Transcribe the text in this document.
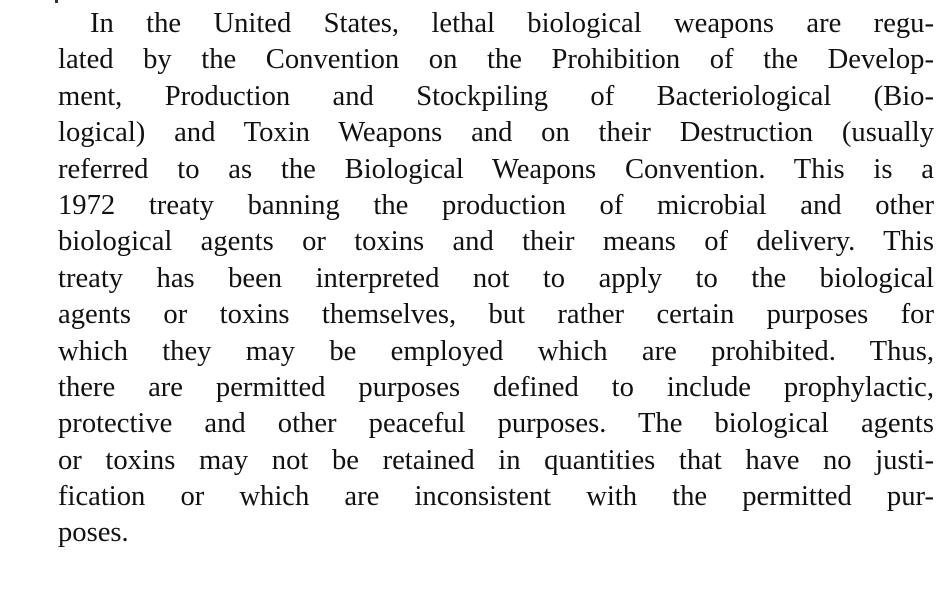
In the United States, lethal biological weapons are regu-
lated by the Convention on the Prohibition of the Develop-
ment, Production and Stockpiling of Bacteriological (Bio-
logical) and Toxin Weapons and on their Destruction (usually
referred to as the Biological Weapons Convention. This is a
1972 treaty banning the production of microbial and other
biological agents or toxins and their means of delivery. This
treaty has been interpreted not to apply to the biological
agents or toxins themselves, but rather certain purposes for
which they may be employed which are prohibited. Thus,
there are permitted purposes defined to include prophylactic,
protective and other peaceful purposes. The biological agents
or toxins may not be retained in quantities that have no justi-
fication or which are inconsistent with the permitted pur-
poses.
